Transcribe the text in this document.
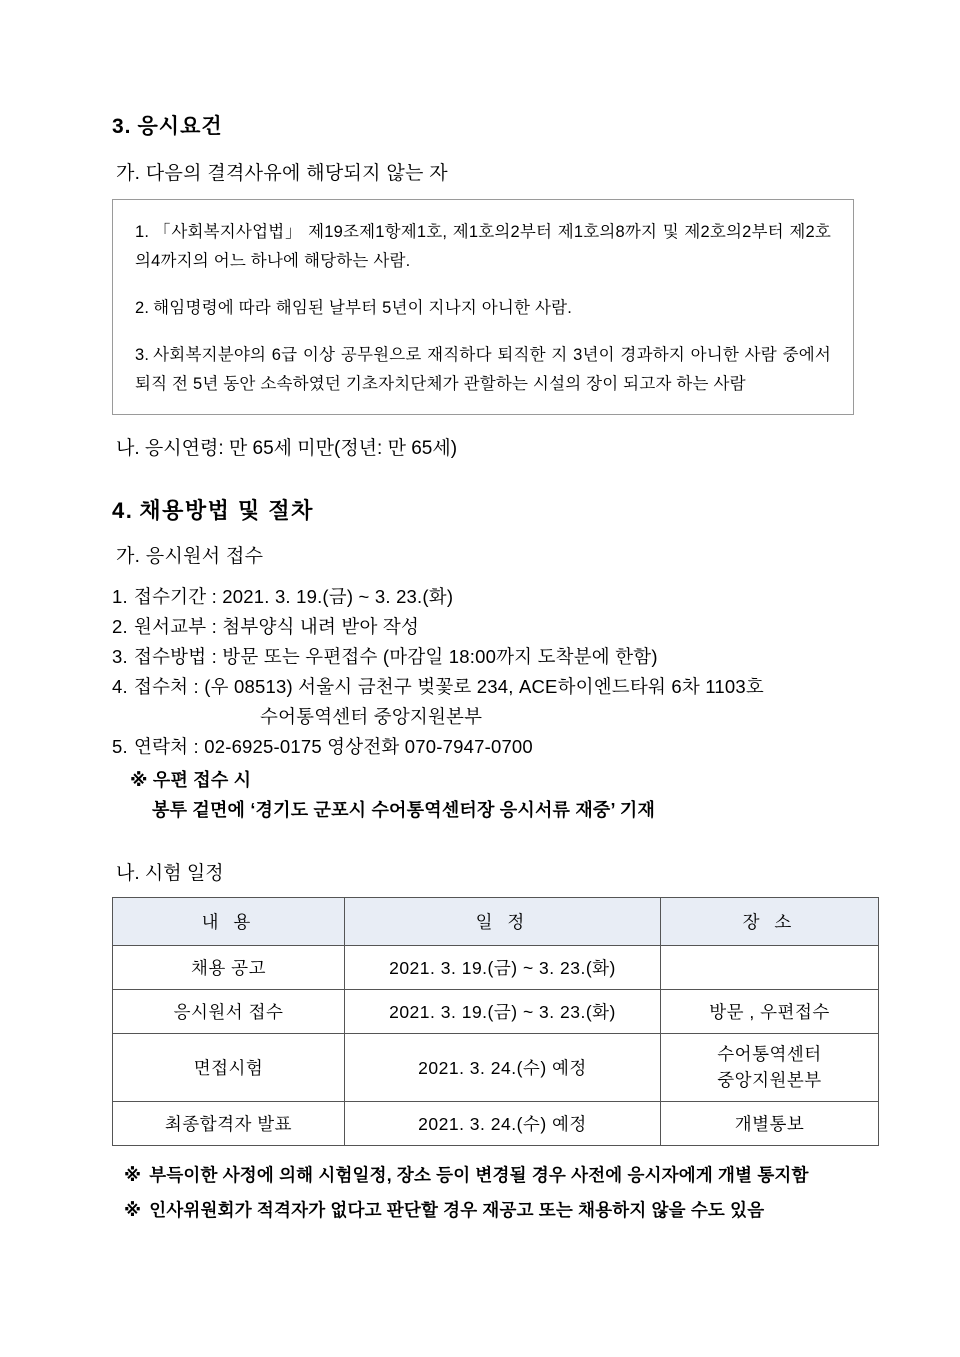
3. 응시요건

가. 다음의 결격사유에 해당되지 않는 자

1. 「사회복지사업법」 제19조제1항제1호, 제1호의2부터 제1호의8까지 및 제2호의2부터 제2호의4까지의 어느 하나에 해당하는 사람.

2. 해임명령에 따라 해임된 날부터 5년이 지나지 아니한 사람.

3. 사회복지분야의 6급 이상 공무원으로 재직하다 퇴직한 지 3년이 경과하지 아니한 사람 중에서 퇴직 전 5년 동안 소속하였던 기초자치단체가 관할하는 시설의 장이 되고자 하는 사람

나. 응시연령: 만 65세 미만(정년: 만 65세)

4. 채용방법 및 절차

가. 응시원서 접수

1. 접수기간 : 2021. 3. 19.(금) ~ 3. 23.(화)
2. 원서교부 : 첨부양식 내려 받아 작성
3. 접수방법 : 방문 또는 우편접수 (마감일 18:00까지 도착분에 한함)
4. 접수처 : (우 08513) 서울시 금천구 벚꽃로 234, ACE하이엔드타워 6차 1103호
수어통역센터 중앙지원본부
5. 연락처 : 02-6925-0175 영상전화 070-7947-0700

※ 우편 접수 시

봉투 겉면에 ‘경기도 군포시 수어통역센터장 응시서류 재중’ 기재

나. 시험 일정

내 용	일 정	장 소
채용 공고	2021. 3. 19.(금) ~ 3. 23.(화)	
응시원서 접수	2021. 3. 19.(금) ~ 3. 23.(화)	방문 , 우편접수
면접시험	2021. 3. 24.(수) 예정	수어통역센터
중앙지원본부
최종합격자 발표	2021. 3. 24.(수) 예정	개별통보

※ 부득이한 사정에 의해 시험일정, 장소 등이 변경될 경우 사전에 응시자에게 개별 통지함

※ 인사위원회가 적격자가 없다고 판단할 경우 재공고 또는 채용하지 않을 수도 있음
